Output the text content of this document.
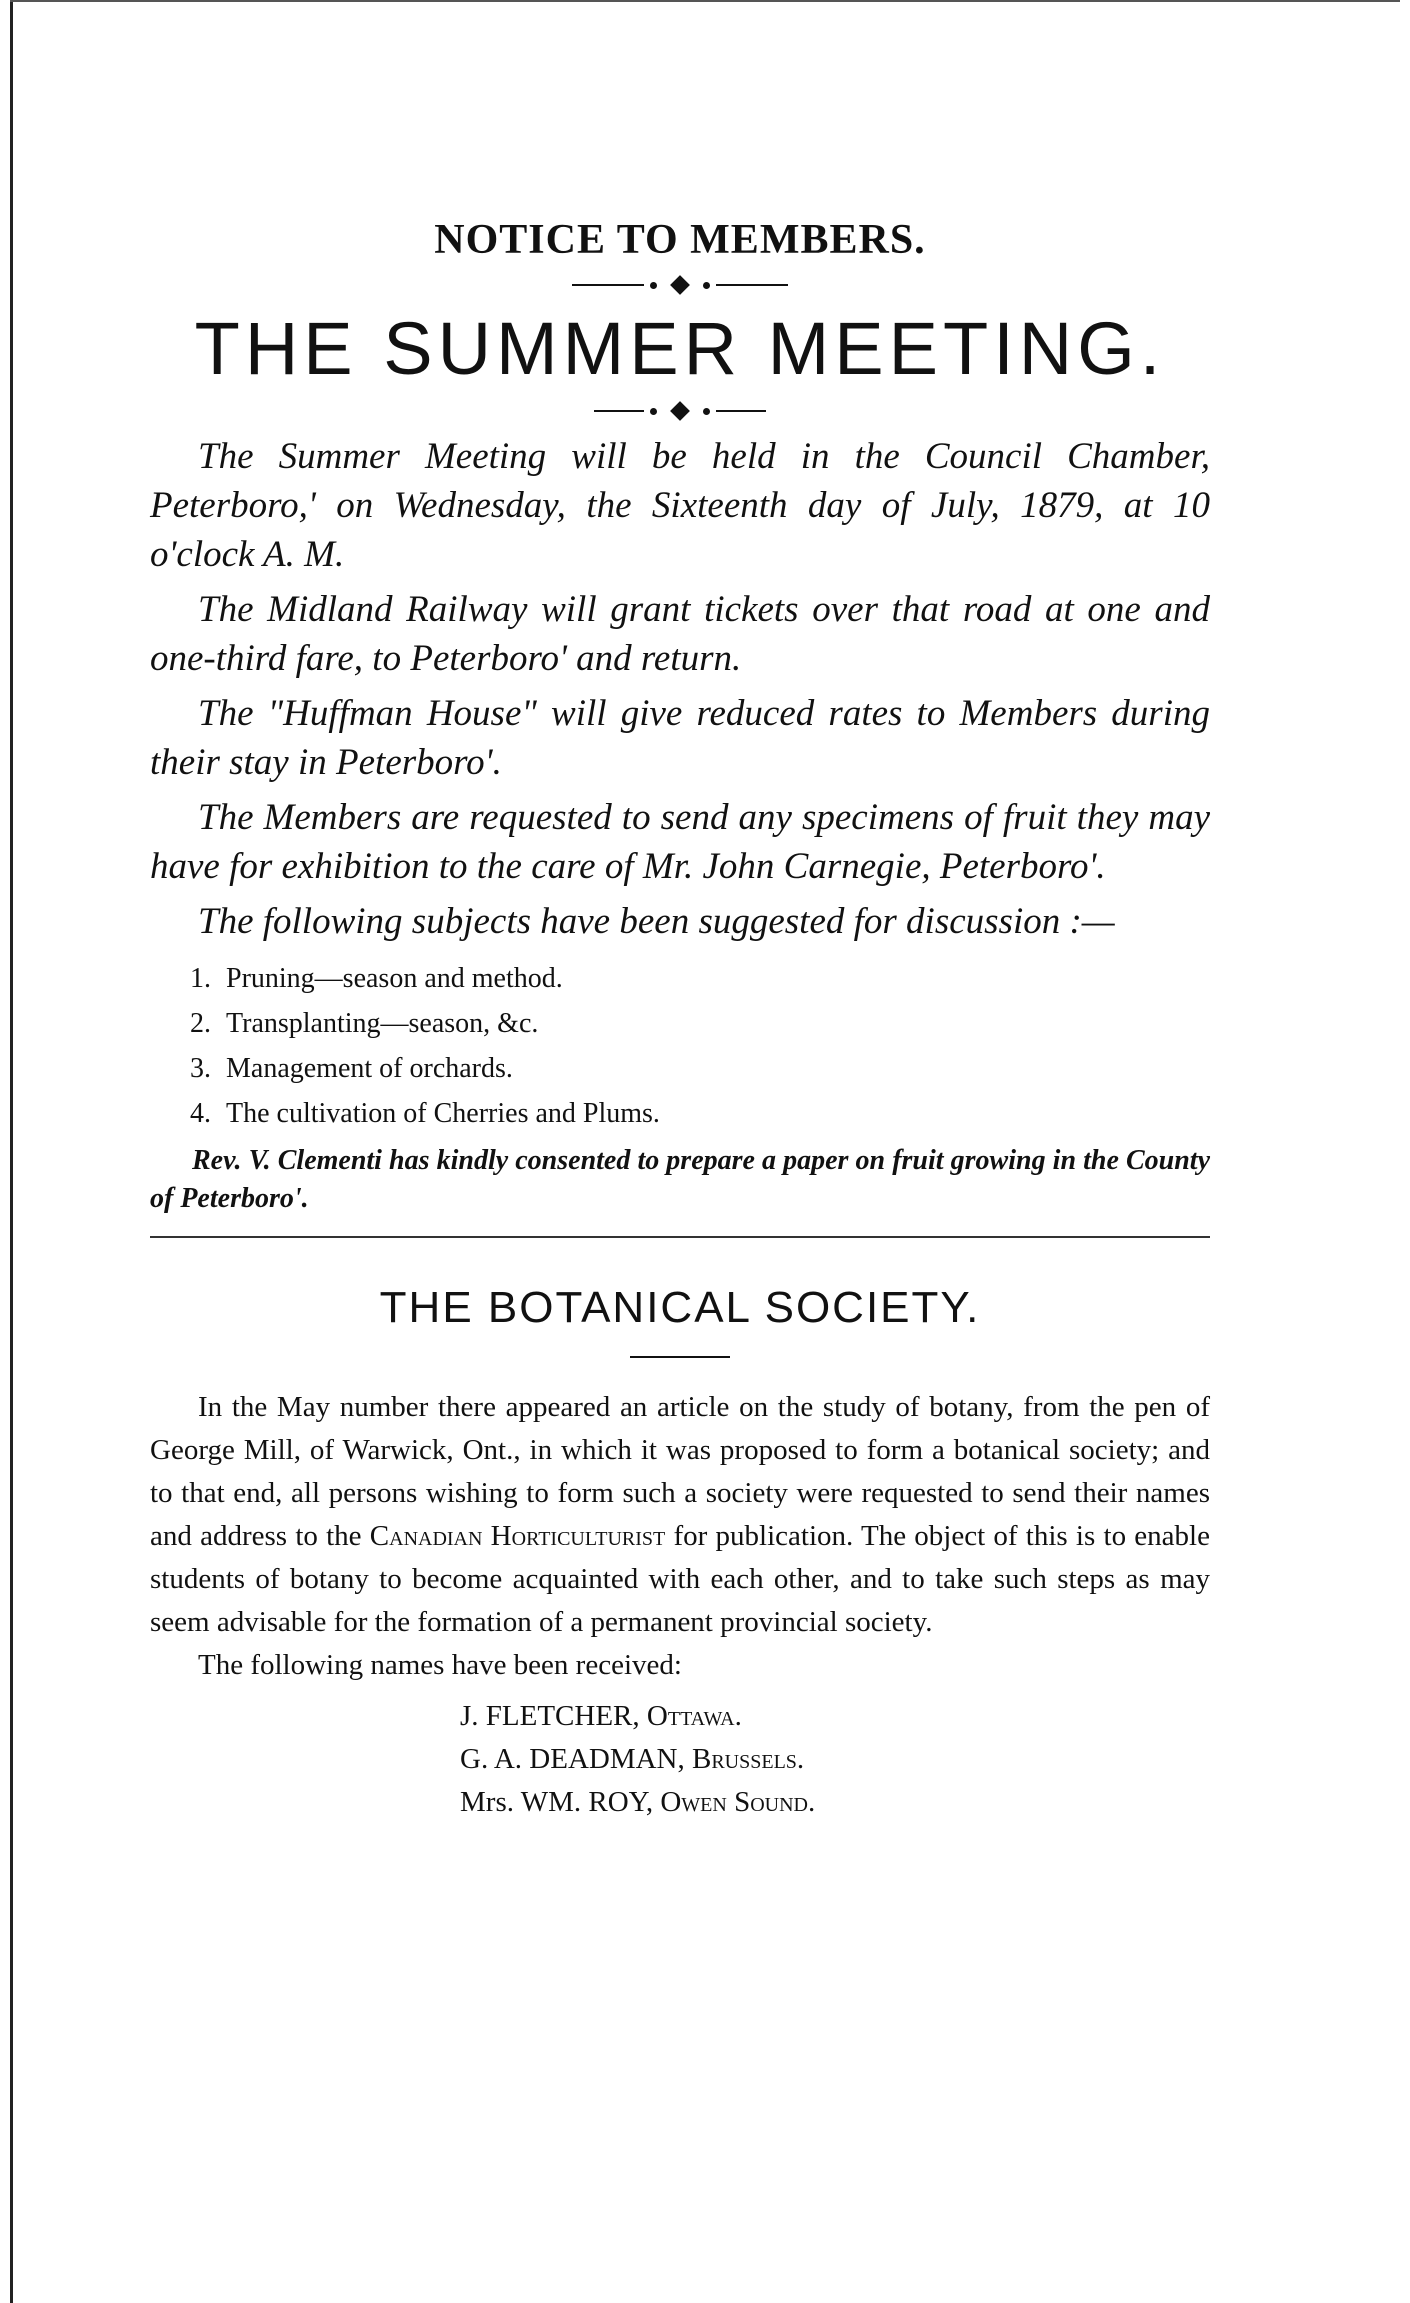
NOTICE TO MEMBERS.
THE SUMMER MEETING.

The Summer Meeting will be held in the Council Chamber, Peterboro,' on Wednesday, the Sixteenth day of July, 1879, at 10 o'clock A. M.

The Midland Railway will grant tickets over that road at one and one-third fare, to Peterboro' and return.

The "Huffman House" will give reduced rates to Members during their stay in Peterboro'.

The Members are requested to send any specimens of fruit they may have for exhibition to the care of Mr. John Carnegie, Peterboro'.

The following subjects have been suggested for discussion :—

1. Pruning—season and method.
2. Transplanting—season, &c.
3. Management of orchards.
4. The cultivation of Cherries and Plums.

Rev. V. Clementi has kindly consented to prepare a paper on fruit growing in the County of Peterboro'.

THE BOTANICAL SOCIETY.

In the May number there appeared an article on the study of botany, from the pen of George Mill, of Warwick, Ont., in which it was proposed to form a botanical society; and to that end, all persons wishing to form such a society were requested to send their names and address to the Canadian Horticulturist for publication. The object of this is to enable students of botany to become acquainted with each other, and to take such steps as may seem advisable for the formation of a permanent provincial society.

The following names have been received:

J. FLETCHER, Ottawa.
G. A. DEADMAN, Brussels.
Mrs. WM. ROY, Owen Sound.
